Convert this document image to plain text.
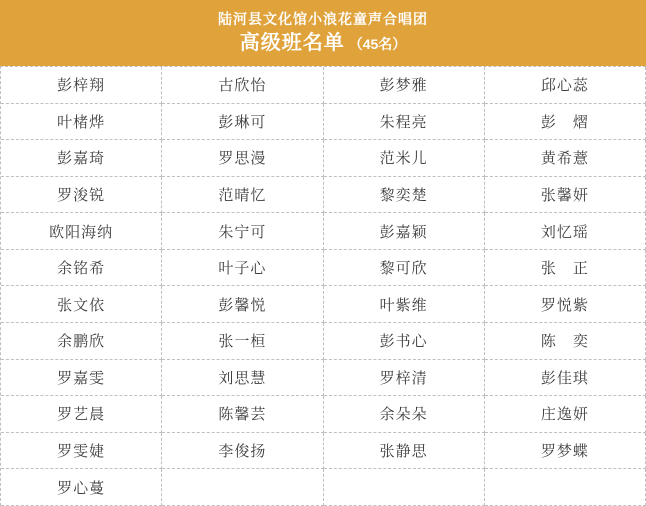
陆河县文化馆小浪花童声合唱团
高级班名单 （45名）
彭梓翔	古欣怡	彭梦雅	邱心蕊
叶楮烨	彭琳可	朱程亮	彭　熠
彭嘉琦	罗思漫	范米儿	黄希薏
罗浚锐	范晴忆	黎奕楚	张馨妍
欧阳海纳	朱宁可	彭嘉颖	刘忆瑶
余铭希	叶子心	黎可欣	张　正
张文依	彭馨悦	叶紫维	罗悦紫
余鹏欣	张一桓	彭书心	陈　奕
罗嘉雯	刘思慧	罗梓清	彭佳琪
罗艺晨	陈馨芸	余朵朵	庄逸妍
罗雯婕	李俊扬	张静思	罗梦蝶
罗心蔓
